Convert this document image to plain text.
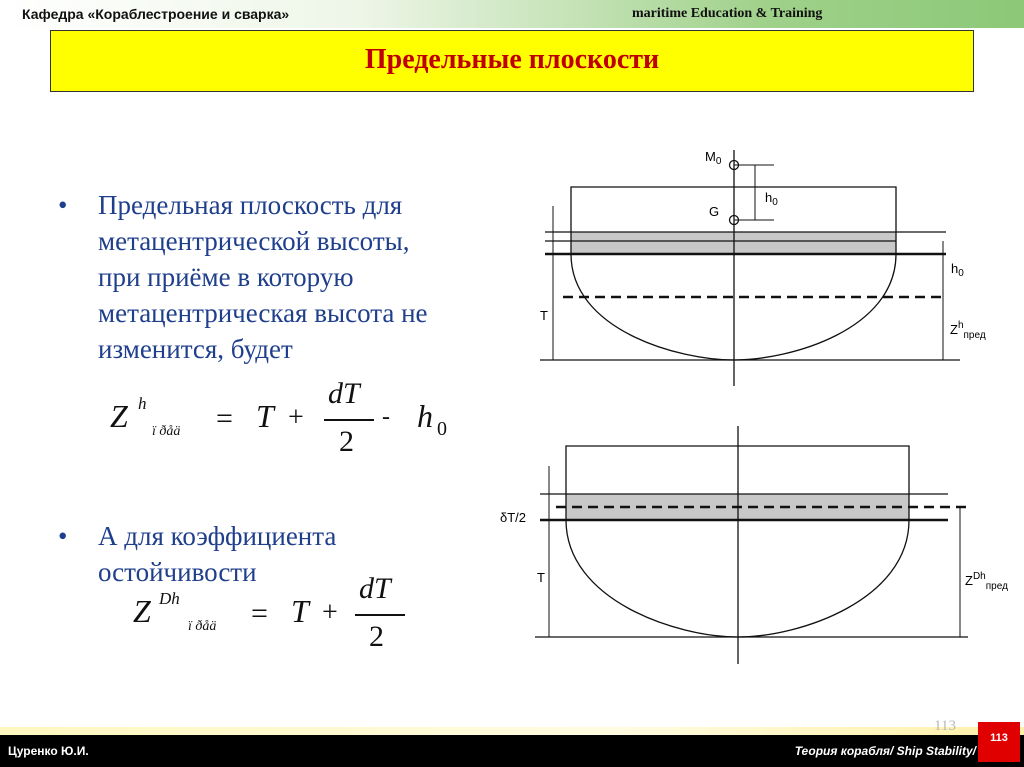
Кафедра «Кораблестроение и сварка»	maritime Education & Training
Предельные плоскости
• Предельная плоскость для
метацентрической высоты,
при приёме в которую
метацентрическая высота не
изменится, будет
Z h
ï ðåä = T +
dT
2
- h 0
• А для коэффициента
остойчивости
Z Dh
ï ðåä = T +
dT
2
$M_0$
G
$h_0$
$h_0$
T
$Z^h_{пред}$
δT/2
T	$Z^{Dh}_{пред}$
113
Цуренко Ю.И.	Теория корабля/ Ship Stability/
113
